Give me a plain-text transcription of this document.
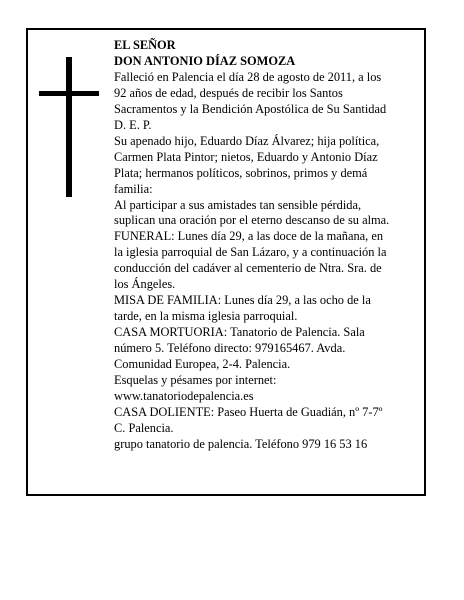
EL SEÑOR
DON ANTONIO DÍAZ SOMOZA
Falleció en Palencia el día 28 de agosto de 2011, a los
92 años de edad, después de recibir los Santos
Sacramentos y la Bendición Apostólica de Su Santidad
D. E. P.
Su apenado hijo, Eduardo Díaz Álvarez; hija política,
Carmen Plata Pintor; nietos, Eduardo y Antonio Díaz
Plata; hermanos políticos, sobrinos, primos y demá
familia:
Al participar a sus amistades tan sensible pérdida,
suplican una oración por el eterno descanso de su alma.
FUNERAL: Lunes día 29, a las doce de la mañana, en
la iglesia parroquial de San Lázaro, y a continuación la
conducción del cadáver al cementerio de Ntra. Sra. de
los Ángeles.
MISA DE FAMILIA: Lunes día 29, a las ocho de la
tarde, en la misma iglesia parroquial.
CASA MORTUORIA: Tanatorio de Palencia. Sala
número 5. Teléfono directo: 979165467. Avda.
Comunidad Europea, 2-4. Palencia.
Esquelas y pésames por internet:
www.tanatoriodepalencia.es
CASA DOLIENTE: Paseo Huerta de Guadián, nº 7-7º
C. Palencia.
grupo tanatorio de palencia. Teléfono 979 16 53 16
